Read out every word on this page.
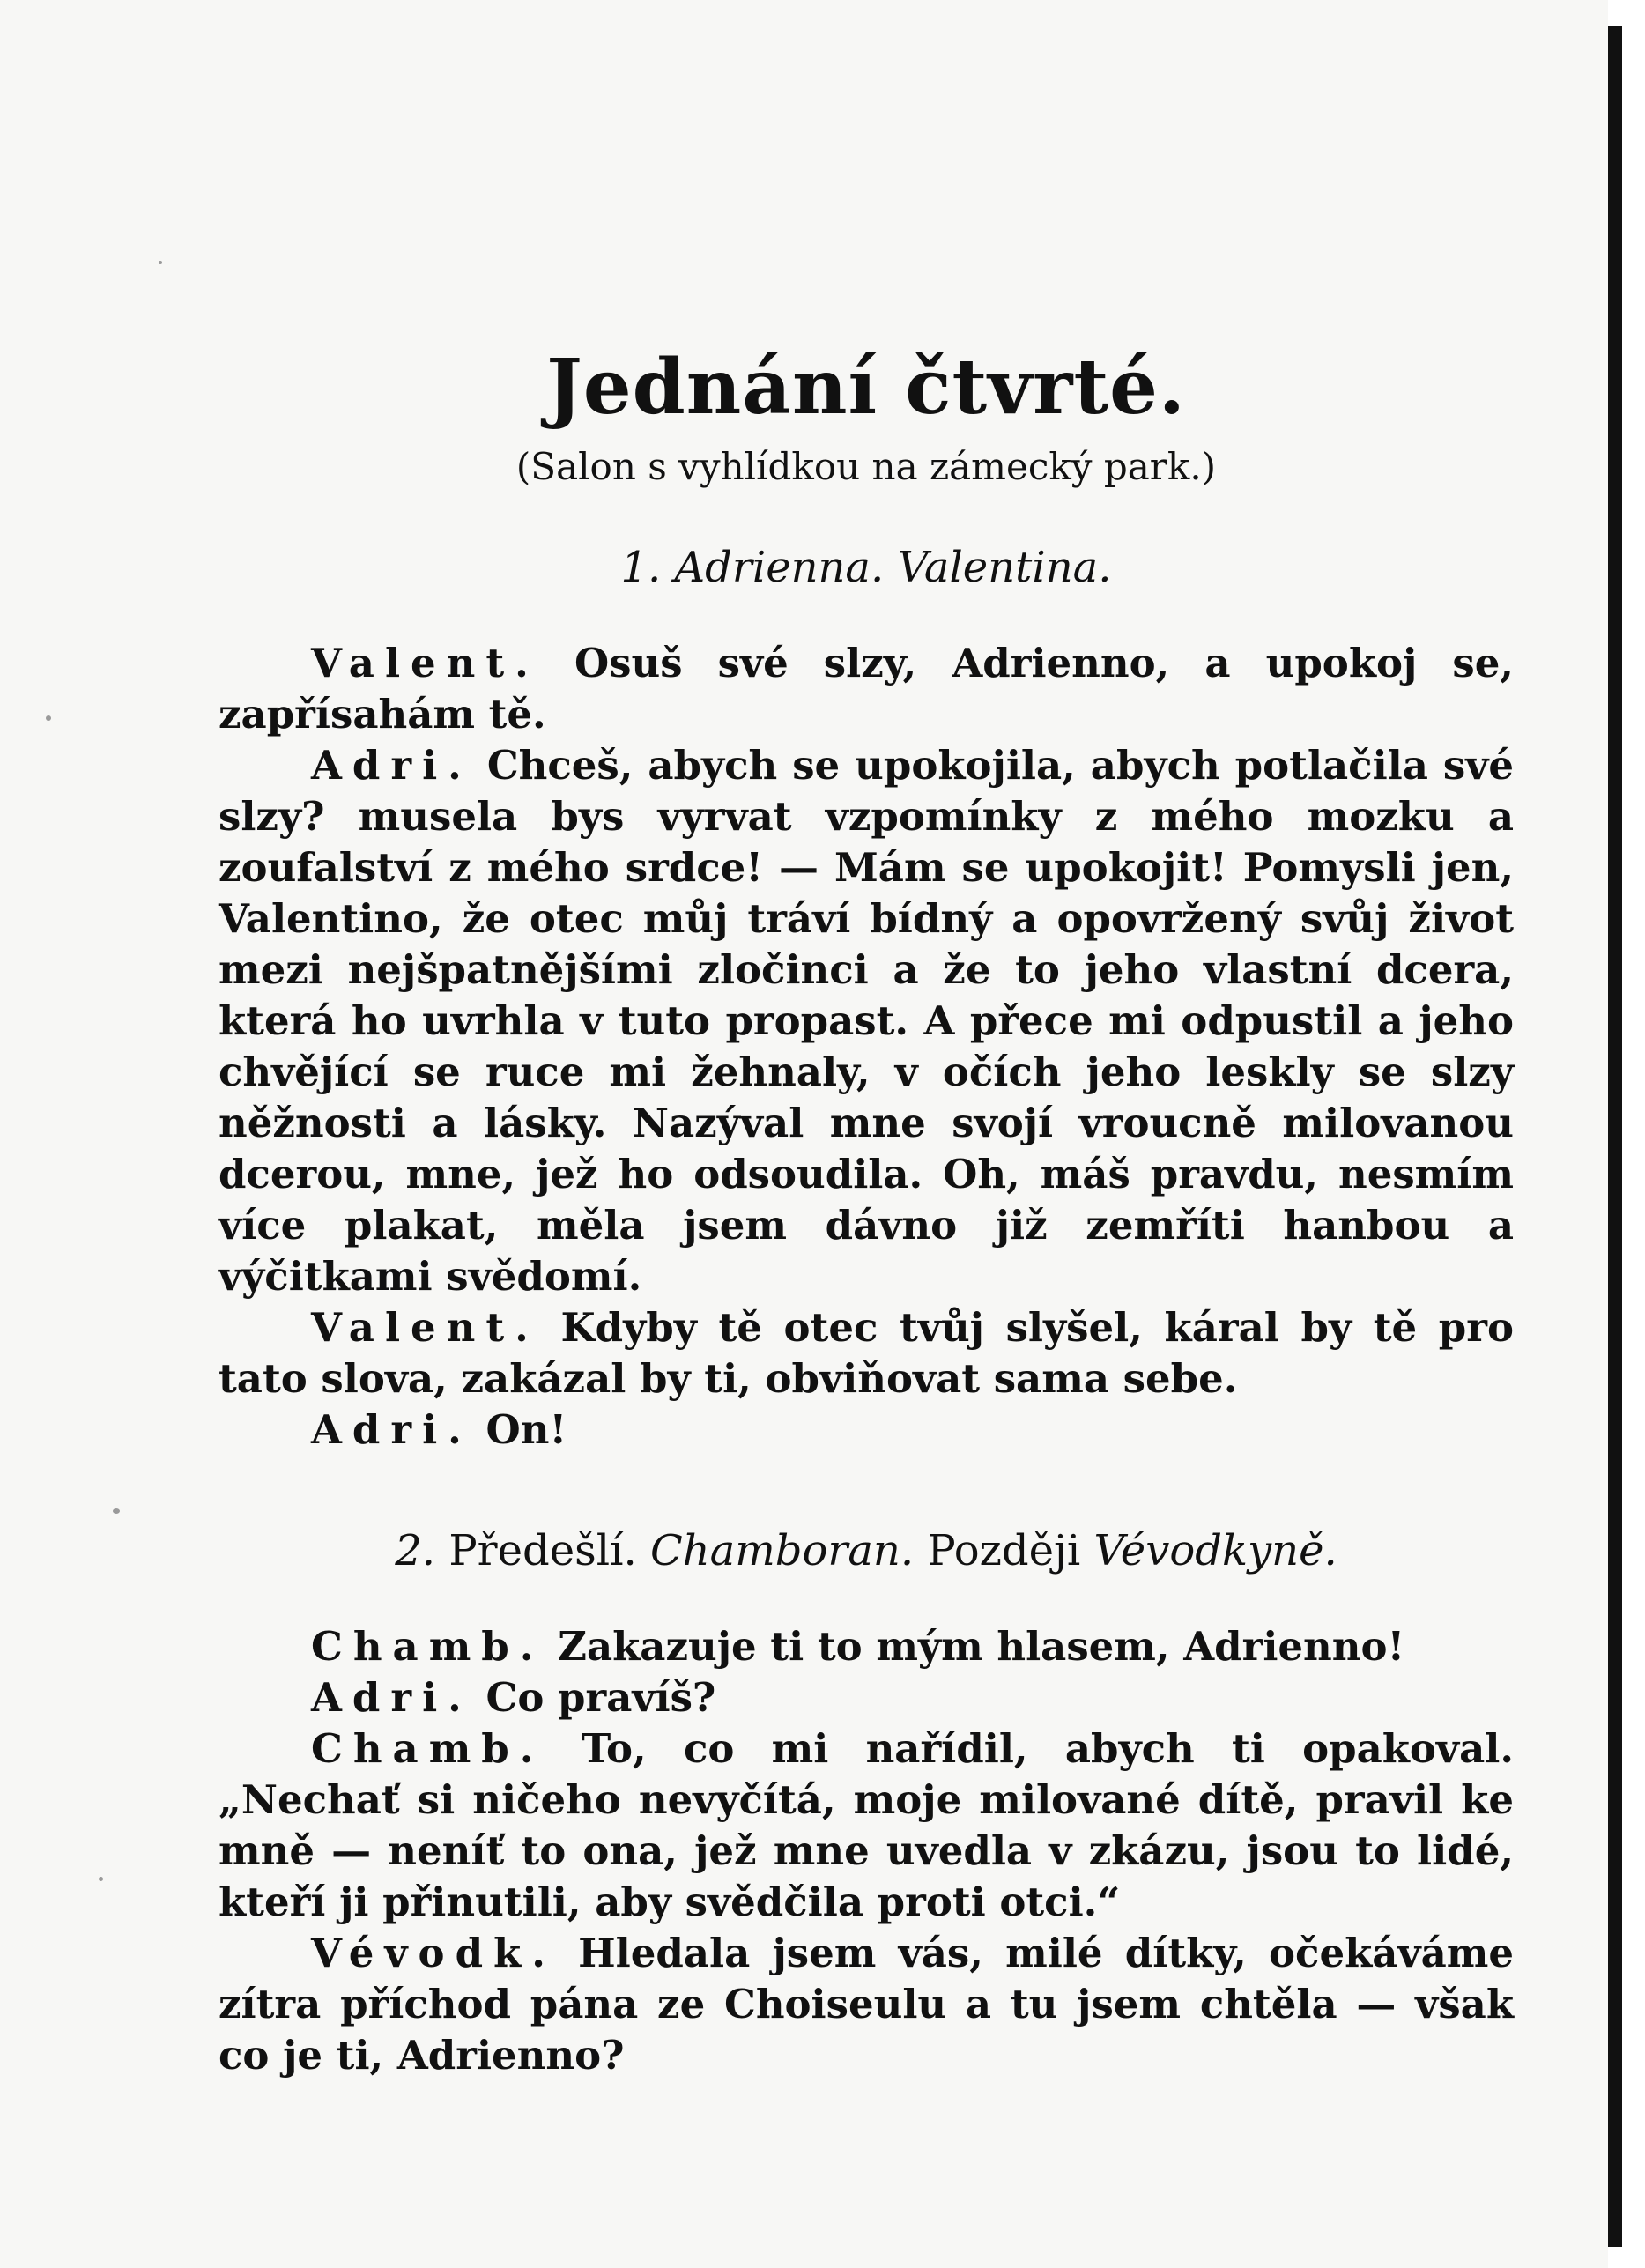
Jednání čtvrté.
(Salon s vyhlídkou na zámecký park.)
1. Adrienna. Valentina.

Valent. Osuš své slzy, Adrienno, a upokoj se, zapřísahám tě.

Adri. Chceš, abych se upokojila, abych potlačila své slzy? musela bys vyrvat vzpomínky z mého mozku a zoufalství z mého srdce! — Mám se upokojit! Pomysli jen, Valentino, že otec můj tráví bídný a opovržený svůj život mezi nejšpatnějšími zločinci a že to jeho vlastní dcera, která ho uvrhla v tuto propast. A přece mi odpustil a jeho chvějící se ruce mi žehnaly, v očích jeho leskly se slzy něžnosti a lásky. Nazýval mne svojí vroucně milovanou dcerou, mne, jež ho odsoudila. Oh, máš pravdu, nesmím více plakat, měla jsem dávno již zemříti hanbou a výčitkami svědomí.

Valent. Kdyby tě otec tvůj slyšel, káral by tě pro tato slova, zakázal by ti, obviňovat sama sebe.

Adri. On!

2. Předešlí. Chamboran. Později Vévodkyně.

Chamb. Zakazuje ti to mým hlasem, Adrienno!

Adri. Co pravíš?

Chamb. To, co mi nařídil, abych ti opakoval. „Nechať si ničeho nevyčítá, moje milované dítě, pravil ke mně — neníť to ona, jež mne uvedla v zkázu, jsou to lidé, kteří ji přinutili, aby svědčila proti otci.“

Vévodk. Hledala jsem vás, milé dítky, očekáváme zítra příchod pána ze Choiseulu a tu jsem chtěla — však co je ti, Adrienno?
